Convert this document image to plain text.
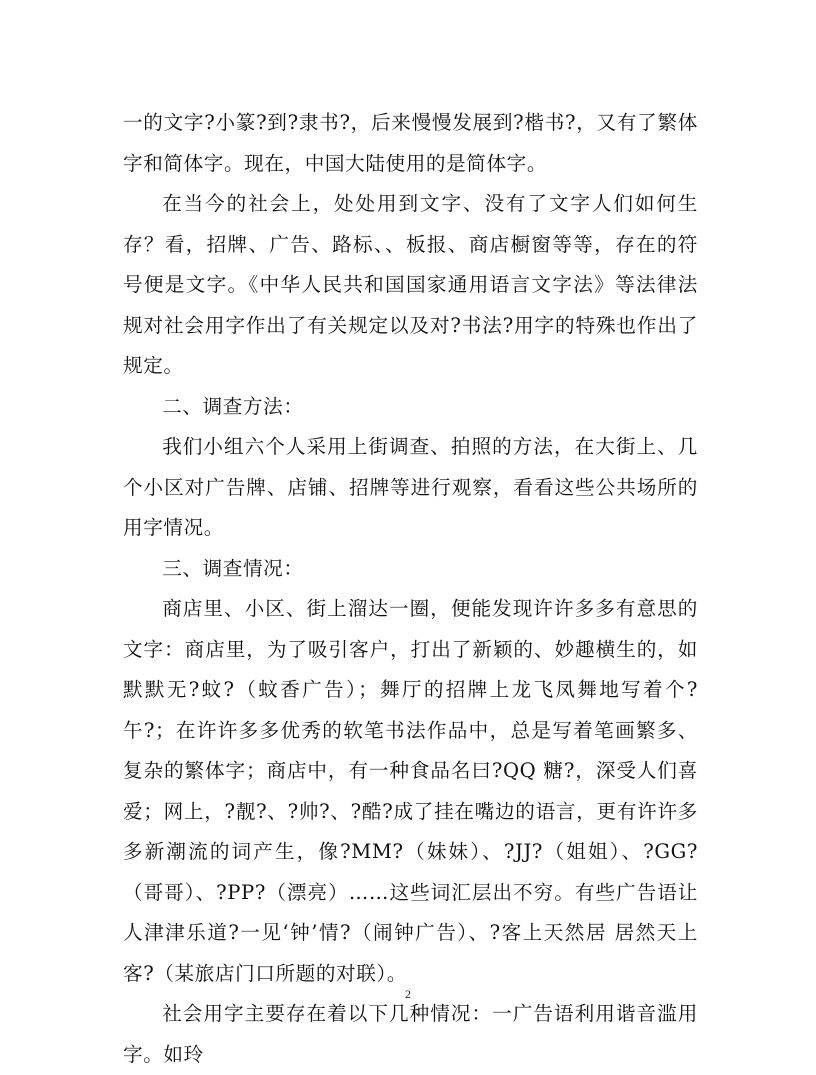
一的文字?小篆?到?隶书?，后来慢慢发展到?楷书?，又有了繁体字和简体字。现在，中国大陆使用的是简体字。

在当今的社会上，处处用到文字、没有了文字人们如何生存？看，招牌、广告、路标、、板报、商店橱窗等等，存在的符号便是文字。《中华人民共和国国家通用语言文字法》等法律法规对社会用字作出了有关规定以及对?书法?用字的特殊也作出了规定。

二、调查方法：

我们小组六个人采用上街调查、拍照的方法，在大街上、几个小区对广告牌、店铺、招牌等进行观察，看看这些公共场所的用字情况。

三、调查情况：

商店里、小区、街上溜达一圈，便能发现许许多多有意思的文字：商店里，为了吸引客户，打出了新颖的、妙趣横生的，如默默无?蚊?（蚊香广告）；舞厅的招牌上龙飞凤舞地写着个?午?；在许许多多优秀的软笔书法作品中，总是写着笔画繁多、复杂的繁体字；商店中，有一种食品名曰?QQ 糖?，深受人们喜爱；网上，?靓?、?帅?、?酷?成了挂在嘴边的语言，更有许许多多新潮流的词产生，像?MM?（妹妹）、?JJ?（姐姐）、?GG?（哥哥）、?PP?（漂亮）……这些词汇层出不穷。有些广告语让人津津乐道?一见‘钟’情?（闹钟广告）、?客上天然居 居然天上客?（某旅店门口所题的对联）。

社会用字主要存在着以下几种情况：一广告语利用谐音滥用字。如玲

2
